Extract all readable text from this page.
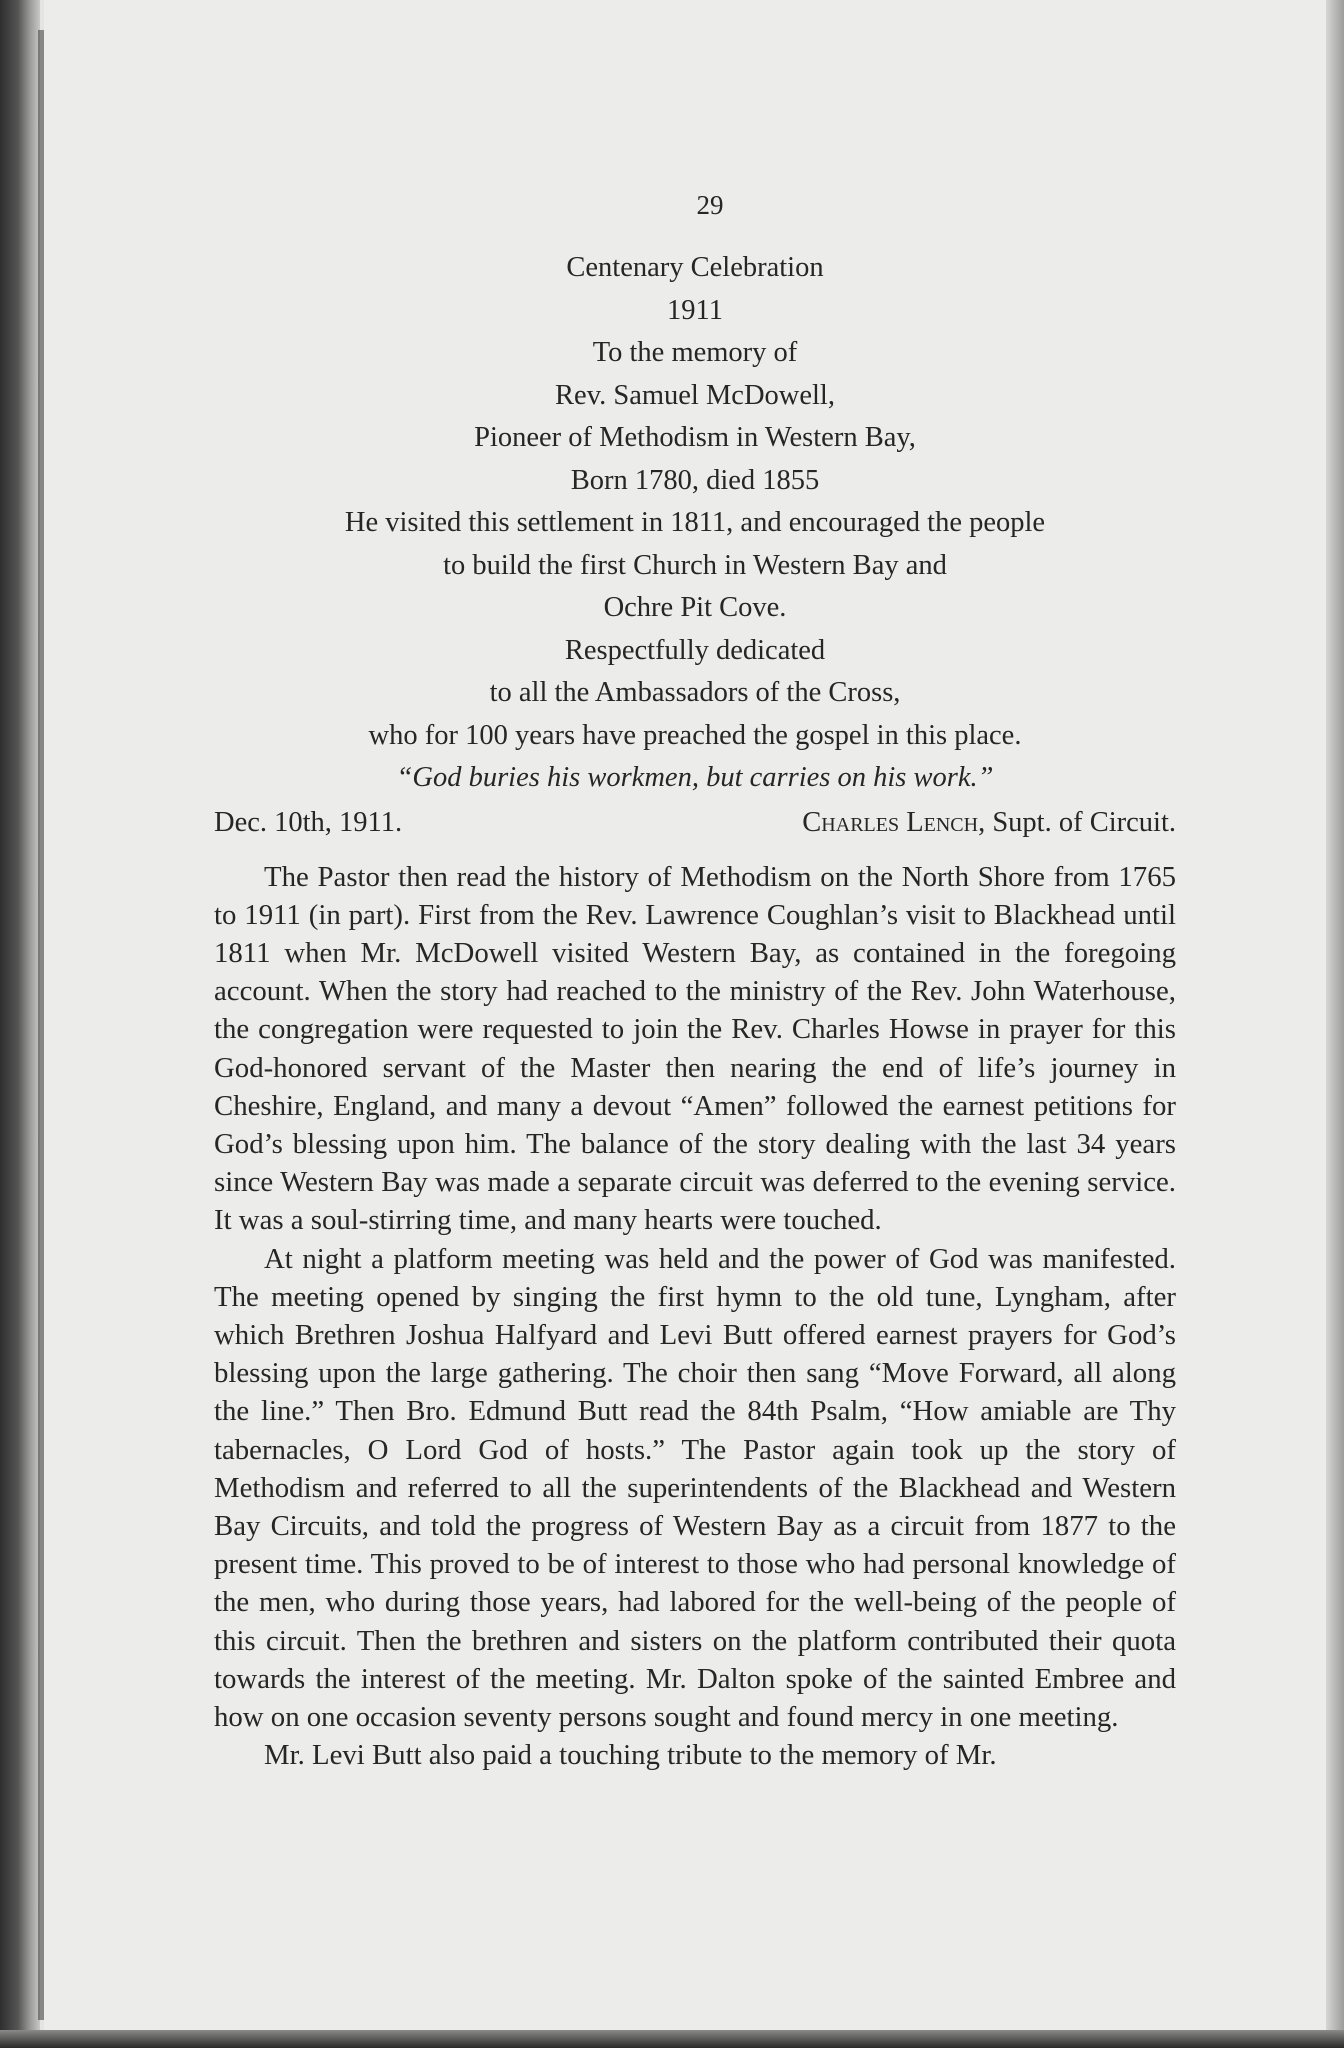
29

Centenary Celebration

1911

To the memory of

Rev. Samuel McDowell,

Pioneer of Methodism in Western Bay,

Born 1780, died 1855

He visited this settlement in 1811, and encouraged the people

to build the first Church in Western Bay and

Ochre Pit Cove.

Respectfully dedicated

to all the Ambassadors of the Cross,

who for 100 years have preached the gospel in this place.

“God buries his workmen, but carries on his work.”

Dec. 10th, 1911.	Charles Lench, Supt. of Circuit.

The Pastor then read the history of Methodism on the North Shore from 1765 to 1911 (in part). First from the Rev. Lawrence Coughlan’s visit to Blackhead until 1811 when Mr. McDowell visited Western Bay, as contained in the foregoing account. When the story had reached to the ministry of the Rev. John Waterhouse, the congregation were requested to join the Rev. Charles Howse in prayer for this God-honored servant of the Master then nearing the end of life’s journey in Cheshire, England, and many a devout “Amen” followed the earnest petitions for God’s blessing upon him. The balance of the story dealing with the last 34 years since Western Bay was made a separate circuit was deferred to the evening service. It was a soul-stirring time, and many hearts were touched.

At night a platform meeting was held and the power of God was manifested. The meeting opened by singing the first hymn to the old tune, Lyngham, after which Brethren Joshua Halfyard and Levi Butt offered earnest prayers for God’s blessing upon the large gathering. The choir then sang “Move Forward, all along the line.” Then Bro. Edmund Butt read the 84th Psalm, “How amiable are Thy tabernacles, O Lord God of hosts.” The Pastor again took up the story of Methodism and referred to all the superintendents of the Blackhead and Western Bay Circuits, and told the progress of Western Bay as a circuit from 1877 to the present time. This proved to be of interest to those who had personal knowledge of the men, who during those years, had labored for the well-being of the people of this circuit. Then the brethren and sisters on the platform contributed their quota towards the interest of the meeting. Mr. Dalton spoke of the sainted Embree and how on one occasion seventy persons sought and found mercy in one meeting.

Mr. Levi Butt also paid a touching tribute to the memory of Mr.
